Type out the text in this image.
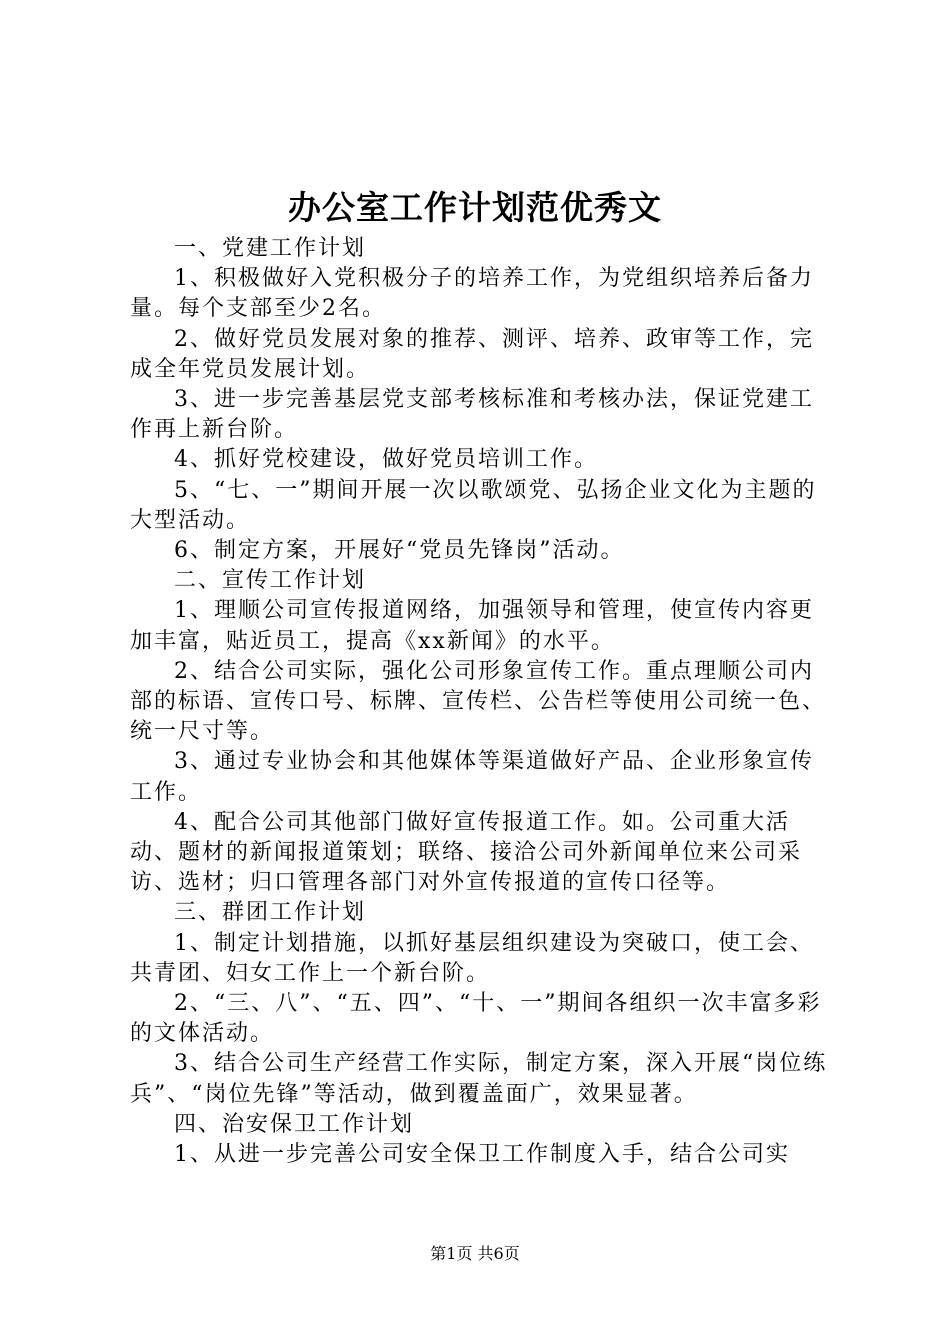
办公室工作计划范优秀文

一、党建工作计划

1、积极做好入党积极分子的培养工作，为党组织培养后备力量。每个支部至少2名。

2、做好党员发展对象的推荐、测评、培养、政审等工作，完成全年党员发展计划。

3、进一步完善基层党支部考核标准和考核办法，保证党建工作再上新台阶。

4、抓好党校建设，做好党员培训工作。

5、“七、一”期间开展一次以歌颂党、弘扬企业文化为主题的大型活动。

6、制定方案，开展好“党员先锋岗”活动。

二、宣传工作计划

1、理顺公司宣传报道网络，加强领导和管理，使宣传内容更加丰富，贴近员工，提高《xx新闻》的水平。

2、结合公司实际，强化公司形象宣传工作。重点理顺公司内部的标语、宣传口号、标牌、宣传栏、公告栏等使用公司统一色、统一尺寸等。

3、通过专业协会和其他媒体等渠道做好产品、企业形象宣传工作。

4、配合公司其他部门做好宣传报道工作。如。公司重大活动、题材的新闻报道策划；联络、接洽公司外新闻单位来公司采访、选材；归口管理各部门对外宣传报道的宣传口径等。

三、群团工作计划

1、制定计划措施，以抓好基层组织建设为突破口，使工会、共青团、妇女工作上一个新台阶。

2、“三、八”、“五、四”、“十、一”期间各组织一次丰富多彩的文体活动。

3、结合公司生产经营工作实际，制定方案，深入开展“岗位练兵”、“岗位先锋”等活动，做到覆盖面广，效果显著。

四、治安保卫工作计划

1、从进一步完善公司安全保卫工作制度入手，结合公司实

第1页 共6页
